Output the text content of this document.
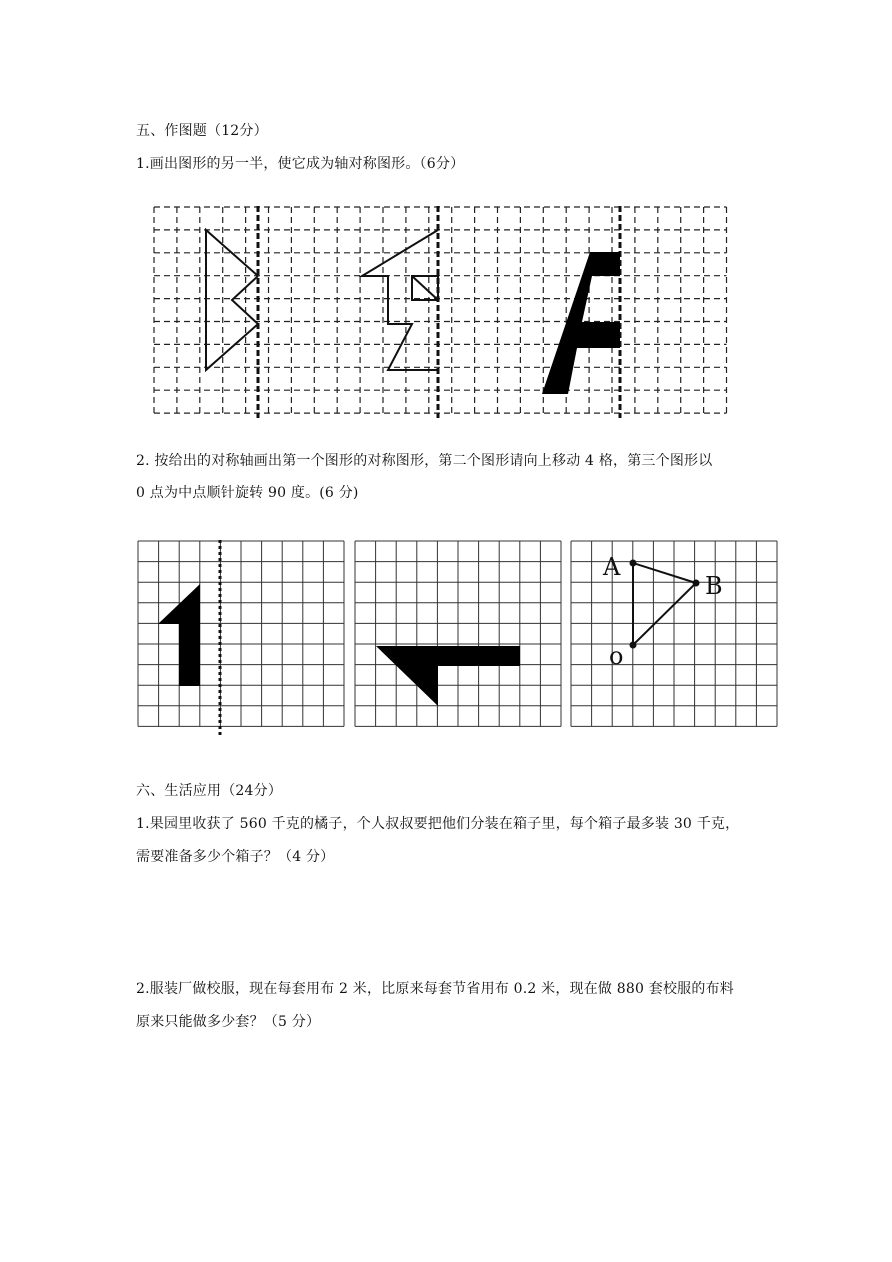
五、作图题（12分）
1.画出图形的另一半，使它成为轴对称图形。（6分）
2. 按给出的对称轴画出第一个图形的对称图形，第二个图形请向上移动 4 格，第三个图形以
0 点为中点顺针旋转 90 度。(6 分)
A
B
o
六、生活应用（24分）
1.果园里收获了 560 千克的橘子，个人叔叔要把他们分装在箱子里，每个箱子最多装 30 千克，
需要准备多少个箱子？（4 分）
2.服装厂做校服，现在每套用布 2 米，比原来每套节省用布 0.2 米，现在做 880 套校服的布料
原来只能做多少套？（5 分）
